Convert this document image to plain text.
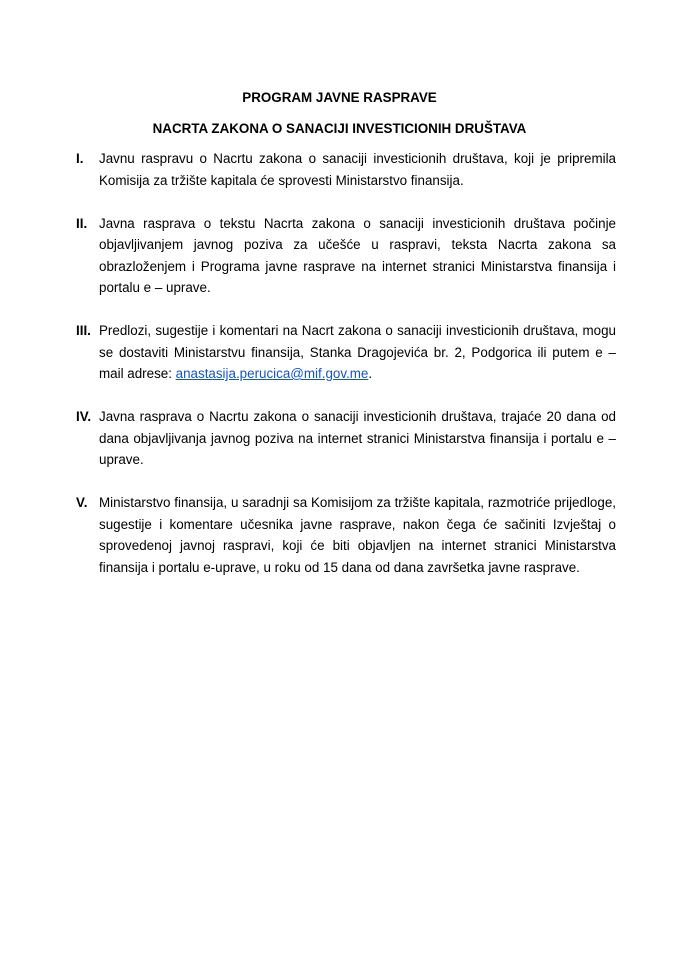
PROGRAM JAVNE RASPRAVE

NACRTA ZAKONA O SANACIJI INVESTICIONIH DRUŠTAVA

I. Javnu raspravu o Nacrtu zakona o sanaciji investicionih društava, koji je pripremila Komisija za tržište kapitala će sprovesti Ministarstvo finansija.

II. Javna rasprava o tekstu Nacrta zakona o sanaciji investicionih društava počinje objavljivanjem javnog poziva za učešće u raspravi, teksta Nacrta zakona sa obrazloženjem i Programa javne rasprave na internet stranici Ministarstva finansija i portalu e – uprave.

III. Predlozi, sugestije i komentari na Nacrt zakona o sanaciji investicionih društava, mogu se dostaviti Ministarstvu finansija, Stanka Dragojevića br. 2, Podgorica ili putem e – mail adrese: anastasija.perucica@mif.gov.me.

IV. Javna rasprava o Nacrtu zakona o sanaciji investicionih društava, trajaće 20 dana od dana objavljivanja javnog poziva na internet stranici Ministarstva finansija i portalu e – uprave.

V. Ministarstvo finansija, u saradnji sa Komisijom za tržište kapitala, razmotriće prijedloge, sugestije i komentare učesnika javne rasprave, nakon čega će sačiniti Izvještaj o sprovedenoj javnoj raspravi, koji će biti objavljen na internet stranici Ministarstva finansija i portalu e-uprave, u roku od 15 dana od dana završetka javne rasprave.
